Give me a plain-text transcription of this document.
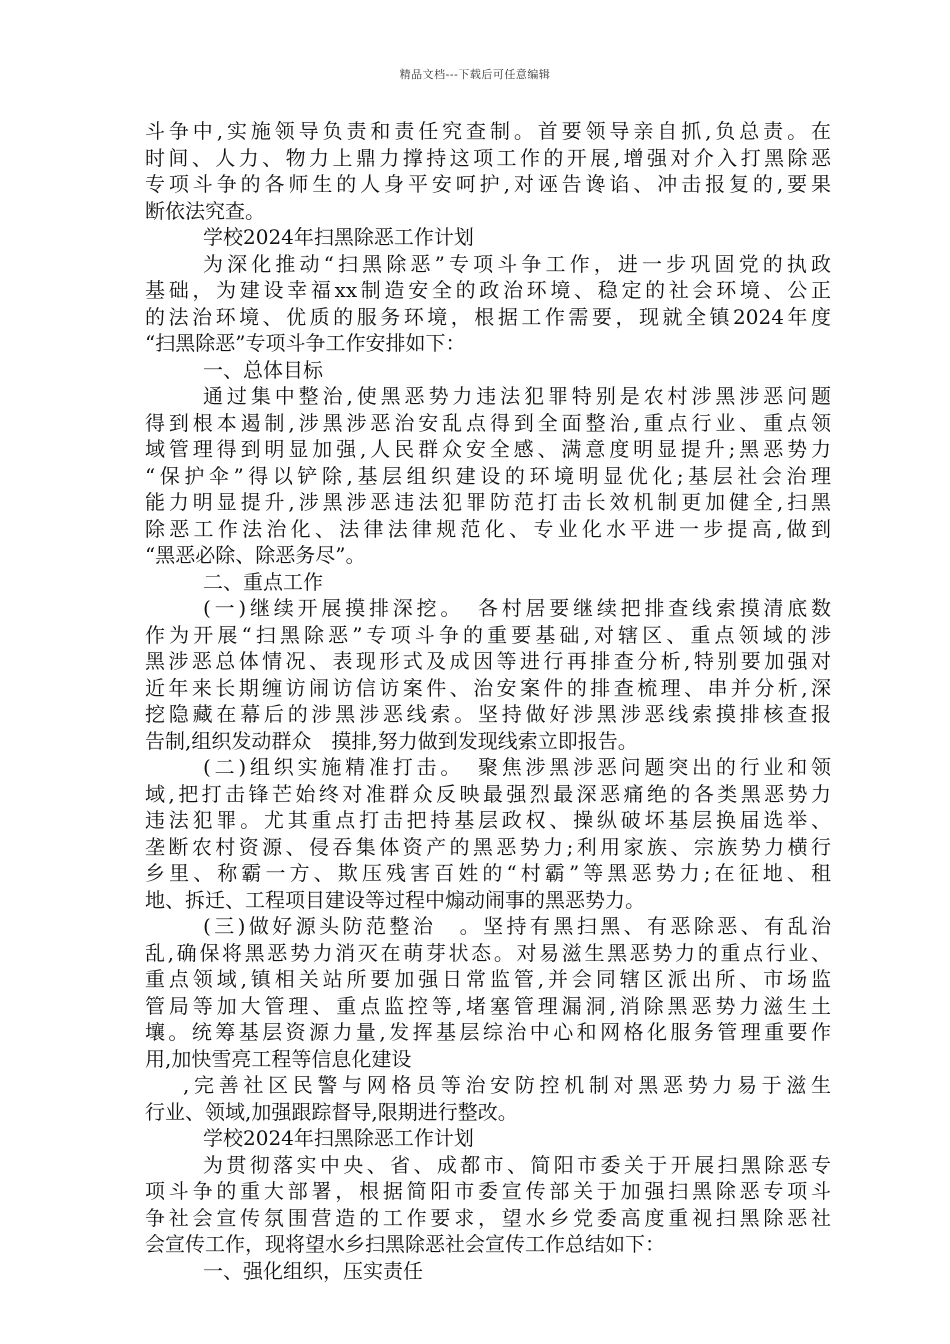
精品文档---下载后可任意编辑
斗争中,实施领导负责和责任究查制。首要领导亲自抓,负总责。在
时间、人力、物力上鼎力撑持这项工作的开展,增强对介入打黑除恶
专项斗争的各师生的人身平安呵护,对诬告谗谄、冲击报复的,要果
断依法究查。
学校2024年扫黑除恶工作计划
为深化推动“扫黑除恶”专项斗争工作，进一步巩固党的执政
基础，为建设幸福xx制造安全的政治环境、稳定的社会环境、公正
的法治环境、优质的服务环境，根据工作需要，现就全镇2024年度
“扫黑除恶”专项斗争工作安排如下：
一、总体目标
通过集中整治,使黑恶势力违法犯罪特别是农村涉黑涉恶问题
得到根本遏制,涉黑涉恶治安乱点得到全面整治,重点行业、重点领
域管理得到明显加强,人民群众安全感、满意度明显提升;黑恶势力
“保护伞”得以铲除,基层组织建设的环境明显优化;基层社会治理
能力明显提升,涉黑涉恶违法犯罪防范打击长效机制更加健全,扫黑
除恶工作法治化、法律法律规范化、专业化水平进一步提高,做到
“黑恶必除、除恶务尽”。
二、重点工作
(一)继续开展摸排深挖。　各村居要继续把排查线索摸清底数
作为开展“扫黑除恶”专项斗争的重要基础,对辖区、重点领域的涉
黑涉恶总体情况、表现形式及成因等进行再排查分析,特别要加强对
近年来长期缠访闹访信访案件、治安案件的排查梳理、串并分析,深
挖隐藏在幕后的涉黑涉恶线索。坚持做好涉黑涉恶线索摸排核查报
告制,组织发动群众　摸排,努力做到发现线索立即报告。
(二)组织实施精准打击。　聚焦涉黑涉恶问题突出的行业和领
域,把打击锋芒始终对准群众反映最强烈最深恶痛绝的各类黑恶势力
违法犯罪。尤其重点打击把持基层政权、操纵破坏基层换届选举、
垄断农村资源、侵吞集体资产的黑恶势力;利用家族、宗族势力横行
乡里、称霸一方、欺压残害百姓的“村霸”等黑恶势力;在征地、租
地、拆迁、工程项目建设等过程中煽动闹事的黑恶势力。
(三)做好源头防范整治　。坚持有黑扫黑、有恶除恶、有乱治
乱,确保将黑恶势力消灭在萌芽状态。对易滋生黑恶势力的重点行业、
重点领域,镇相关站所要加强日常监管,并会同辖区派出所、市场监
管局等加大管理、重点监控等,堵塞管理漏洞,消除黑恶势力滋生土
壤。统筹基层资源力量,发挥基层综治中心和网格化服务管理重要作
用,加快雪亮工程等信息化建设
,完善社区民警与网格员等治安防控机制对黑恶势力易于滋生
行业、领域,加强跟踪督导,限期进行整改。
学校2024年扫黑除恶工作计划
为贯彻落实中央、省、成都市、简阳市委关于开展扫黑除恶专
项斗争的重大部署，根据简阳市委宣传部关于加强扫黑除恶专项斗
争社会宣传氛围营造的工作要求，望水乡党委高度重视扫黑除恶社
会宣传工作，现将望水乡扫黑除恶社会宣传工作总结如下：
一、强化组织，压实责任
